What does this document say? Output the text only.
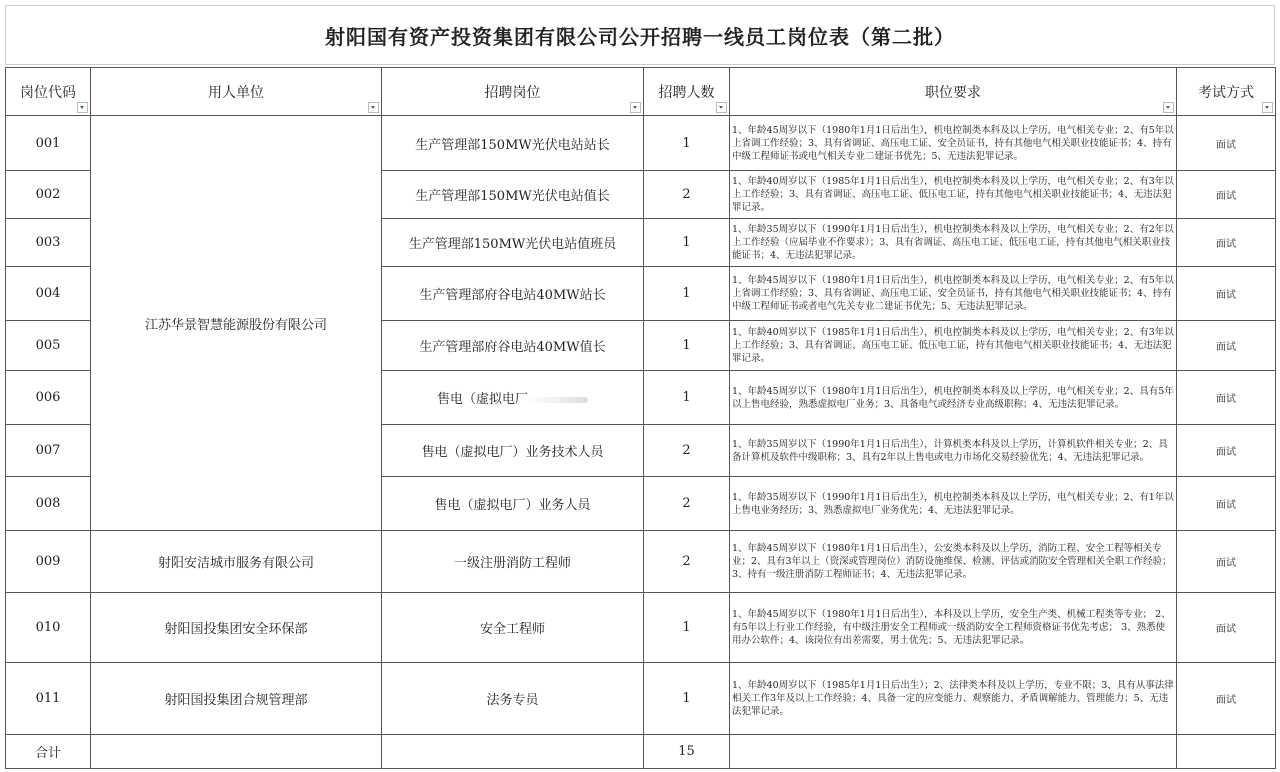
射阳国有资产投资集团有限公司公开招聘一线员工岗位表（第二批）
岗位代码	用人单位	招聘岗位	招聘人数	职位要求	考试方式

001	江苏华景智慧能源股份有限公司	生产管理部150MW光伏电站站长	1	1、年龄45周岁以下（1980年1月1日后出生），机电控制类本科及以上学历，电气相关专业；2、有5年以上省调工作经验；3、具有省调证、高压电工证、安全员证书，持有其他电气相关职业技能证书；4、持有中级工程师证书或电气相关专业二建证书优先；5、无违法犯罪记录。	面试
002		生产管理部150MW光伏电站值长	2	1、年龄40周岁以下（1985年1月1日后出生），机电控制类本科及以上学历，电气相关专业；2、有3年以上工作经验；3、具有省调证、高压电工证、低压电工证，持有其他电气相关职业技能证书；4、无违法犯罪记录。	面试
003		生产管理部150MW光伏电站值班员	1	1、年龄35周岁以下（1990年1月1日后出生），机电控制类本科及以上学历，电气相关专业；2、有2年以上工作经验（应届毕业不作要求）；3、具有省调证、高压电工证、低压电工证，持有其他电气相关职业技能证书；4、无违法犯罪记录。	面试
004		生产管理部府谷电站40MW站长	1	1、年龄45周岁以下（1980年1月1日后出生），机电控制类本科及以上学历，电气相关专业；2、有5年以上省调工作经验；3、具有省调证、高压电工证、安全员证书，持有其他电气相关职业技能证书；4、持有中级工程师证书或者电气先关专业二建证书优先；5、无违法犯罪记录。	面试
005		生产管理部府谷电站40MW值长	1	1、年龄40周岁以下（1985年1月1日后出生），机电控制类本科及以上学历，电气相关专业；2、有3年以上工作经验；3、具有省调证、高压电工证、低压电工证，持有其他电气相关职业技能证书；4、无违法犯罪记录。	面试
006		售电（虚拟电厂	1	1、年龄45周岁以下（1980年1月1日后出生），机电控制类本科及以上学历，电气相关专业；2、具有5年以上售电经验，熟悉虚拟电厂业务；3、具备电气或经济专业高级职称；4、无违法犯罪记录。	面试
007		售电（虚拟电厂）业务技术人员	2	1、年龄35周岁以下（1990年1月1日后出生），计算机类本科及以上学历，计算机软件相关专业；2、具备计算机及软件中级职称；3、具有2年以上售电或电力市场化交易经验优先；4、无违法犯罪记录。	面试
008		售电（虚拟电厂）业务人员	2	1、年龄35周岁以下（1990年1月1日后出生），机电控制类本科及以上学历，电气相关专业；2、有1年以上售电业务经历；3、熟悉虚拟电厂业务优先；4、无违法犯罪记录。	面试
009	射阳安洁城市服务有限公司	一级注册消防工程师	2	1、年龄45周岁以下（1980年1月1日后出生），公安类本科及以上学历，消防工程、安全工程等相关专业；2、具有3年以上（资深或管理岗位）消防设施维保、检测、评估或消防安全管理相关全职工作经验；3、持有一级注册消防工程师证书；4、无违法犯罪记录。	面试
010	射阳国投集团安全环保部	安全工程师	1	1、年龄45周岁以下（1980年1月1日后出生），本科及以上学历，安全生产类、机械工程类等专业； 2、有5年以上行业工作经验，有中级注册安全工程师或一级消防安全工程师资格证书优先考虑； 3、熟悉使用办公软件；4、该岗位有出差需要，男士优先；5、无违法犯罪记录。	面试
011	射阳国投集团合规管理部	法务专员	1	1、年龄40周岁以下（1985年1月1日后出生）；2、法律类本科及以上学历，专业不限；3、具有从事法律相关工作3年及以上工作经验；4、具备一定的应变能力、观察能力、矛盾调解能力、管理能力；5、无违法犯罪记录。	面试
合计			15		
